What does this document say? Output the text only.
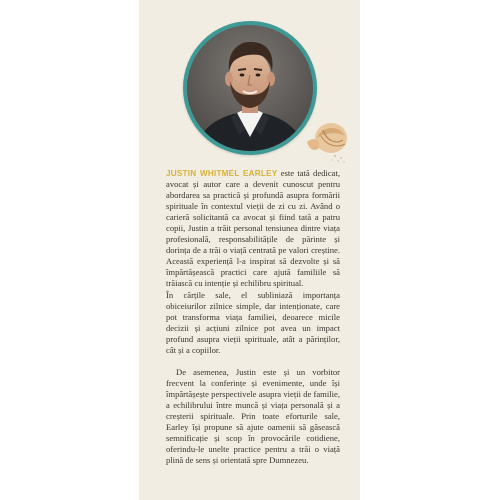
JUSTIN WHITMEL EARLEY este tată dedicat, avocat și autor care a devenit cunoscut pentru abordarea sa practică și profundă asupra formării spirituale în contextul vieții de zi cu zi. Având o carieră solicitantă ca avocat și fiind tată a patru copii, Justin a trăit personal tensiunea dintre viața profesională, responsabilitățile de părinte și dorința de a trăi o viață centrată pe valori creștine. Această experiență l-a inspirat să dezvolte și să împărtășească practici care ajută familiile să trăiască cu intenție și echilibru spiritual.

În cărțile sale, el subliniază importanța obiceiurilor zilnice simple, dar intenționate, care pot transforma viața familiei, deoarece micile decizii și acțiuni zilnice pot avea un impact profund asupra vieții spirituale, atât a părinților, cât și a copiilor.

De asemenea, Justin este și un vorbitor frecvent la conferințe și evenimente, unde își împărtășește perspectivele asupra vieții de familie, a echilibrului între muncă și viața personală și a creșterii spirituale. Prin toate eforturile sale, Earley își propune să ajute oamenii să găsească semnificație și scop în provocările cotidiene, oferindu-le unelte practice pentru a trăi o viață plină de sens și orientată spre Dumnezeu.
